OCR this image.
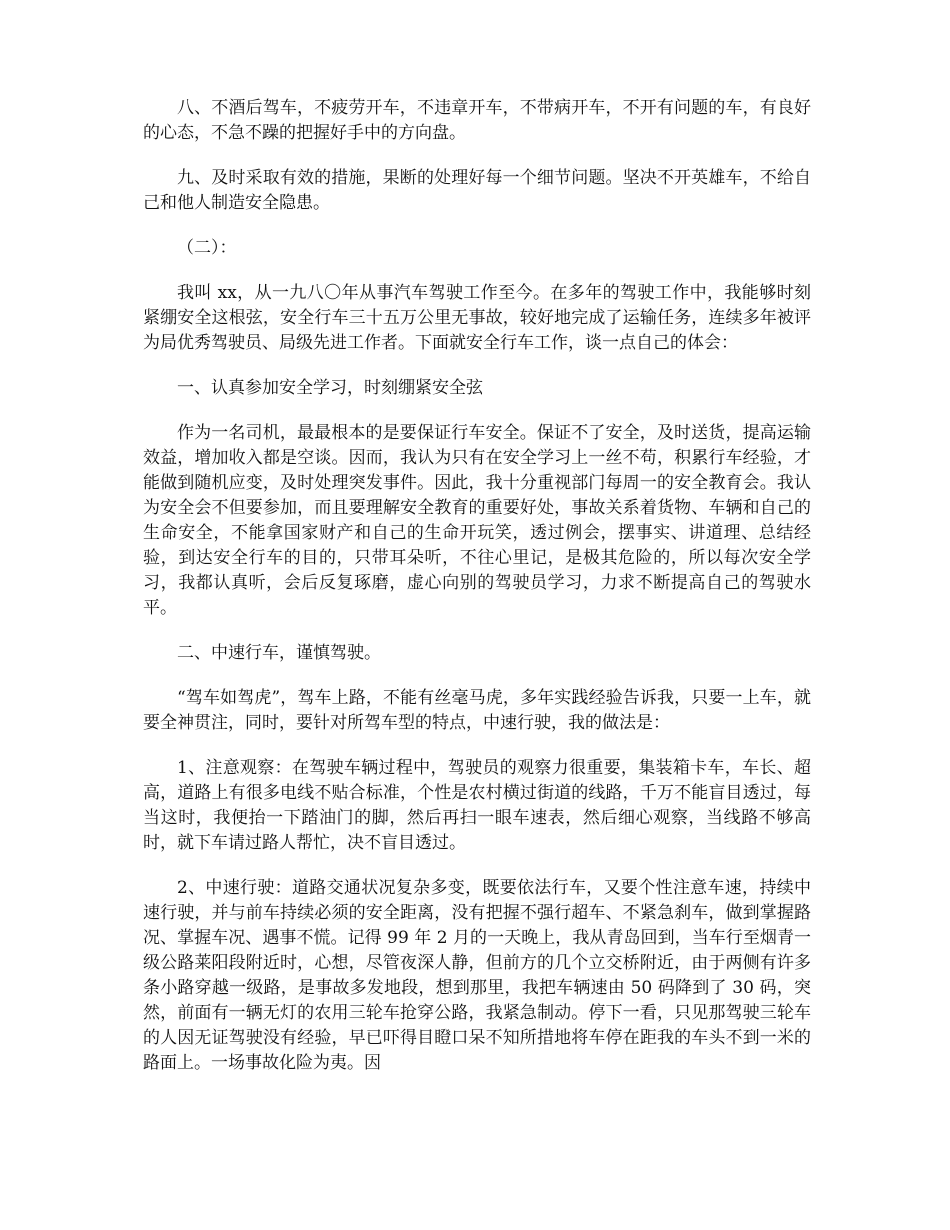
八、不酒后驾车，不疲劳开车，不违章开车，不带病开车，不开有问题的车，有良好的心态，不急不躁的把握好手中的方向盘。

九、及时采取有效的措施，果断的处理好每一个细节问题。坚决不开英雄车，不给自己和他人制造安全隐患。

（二）：

我叫 xx，从一九八〇年从事汽车驾驶工作至今。在多年的驾驶工作中，我能够时刻紧绷安全这根弦，安全行车三十五万公里无事故，较好地完成了运输任务，连续多年被评为局优秀驾驶员、局级先进工作者。下面就安全行车工作，谈一点自己的体会：

一、认真参加安全学习，时刻绷紧安全弦

作为一名司机，最最根本的是要保证行车安全。保证不了安全，及时送货，提高运输效益，增加收入都是空谈。因而，我认为只有在安全学习上一丝不苟，积累行车经验，才能做到随机应变，及时处理突发事件。因此，我十分重视部门每周一的安全教育会。我认为安全会不但要参加，而且要理解安全教育的重要好处，事故关系着货物、车辆和自己的生命安全，不能拿国家财产和自己的生命开玩笑，透过例会，摆事实、讲道理、总结经验，到达安全行车的目的，只带耳朵听，不往心里记，是极其危险的，所以每次安全学习，我都认真听，会后反复琢磨，虚心向别的驾驶员学习，力求不断提高自己的驾驶水平。

二、中速行车，谨慎驾驶。

“驾车如驾虎”，驾车上路，不能有丝毫马虎，多年实践经验告诉我，只要一上车，就要全神贯注，同时，要针对所驾车型的特点，中速行驶，我的做法是：

1、注意观察：在驾驶车辆过程中，驾驶员的观察力很重要，集装箱卡车，车长、超高，道路上有很多电线不贴合标准，个性是农村横过街道的线路，千万不能盲目透过，每当这时，我便抬一下踏油门的脚，然后再扫一眼车速表，然后细心观察，当线路不够高时，就下车请过路人帮忙，决不盲目透过。

2、中速行驶：道路交通状况复杂多变，既要依法行车，又要个性注意车速，持续中速行驶，并与前车持续必须的安全距离，没有把握不强行超车、不紧急刹车，做到掌握路况、掌握车况、遇事不慌。记得 99 年 2 月的一天晚上，我从青岛回到，当车行至烟青一级公路莱阳段附近时，心想，尽管夜深人静，但前方的几个立交桥附近，由于两侧有许多条小路穿越一级路，是事故多发地段，想到那里，我把车辆速由 50 码降到了 30 码，突然，前面有一辆无灯的农用三轮车抢穿公路，我紧急制动。停下一看，只见那驾驶三轮车的人因无证驾驶没有经验，早已吓得目瞪口呆不知所措地将车停在距我的车头不到一米的路面上。一场事故化险为夷。因
